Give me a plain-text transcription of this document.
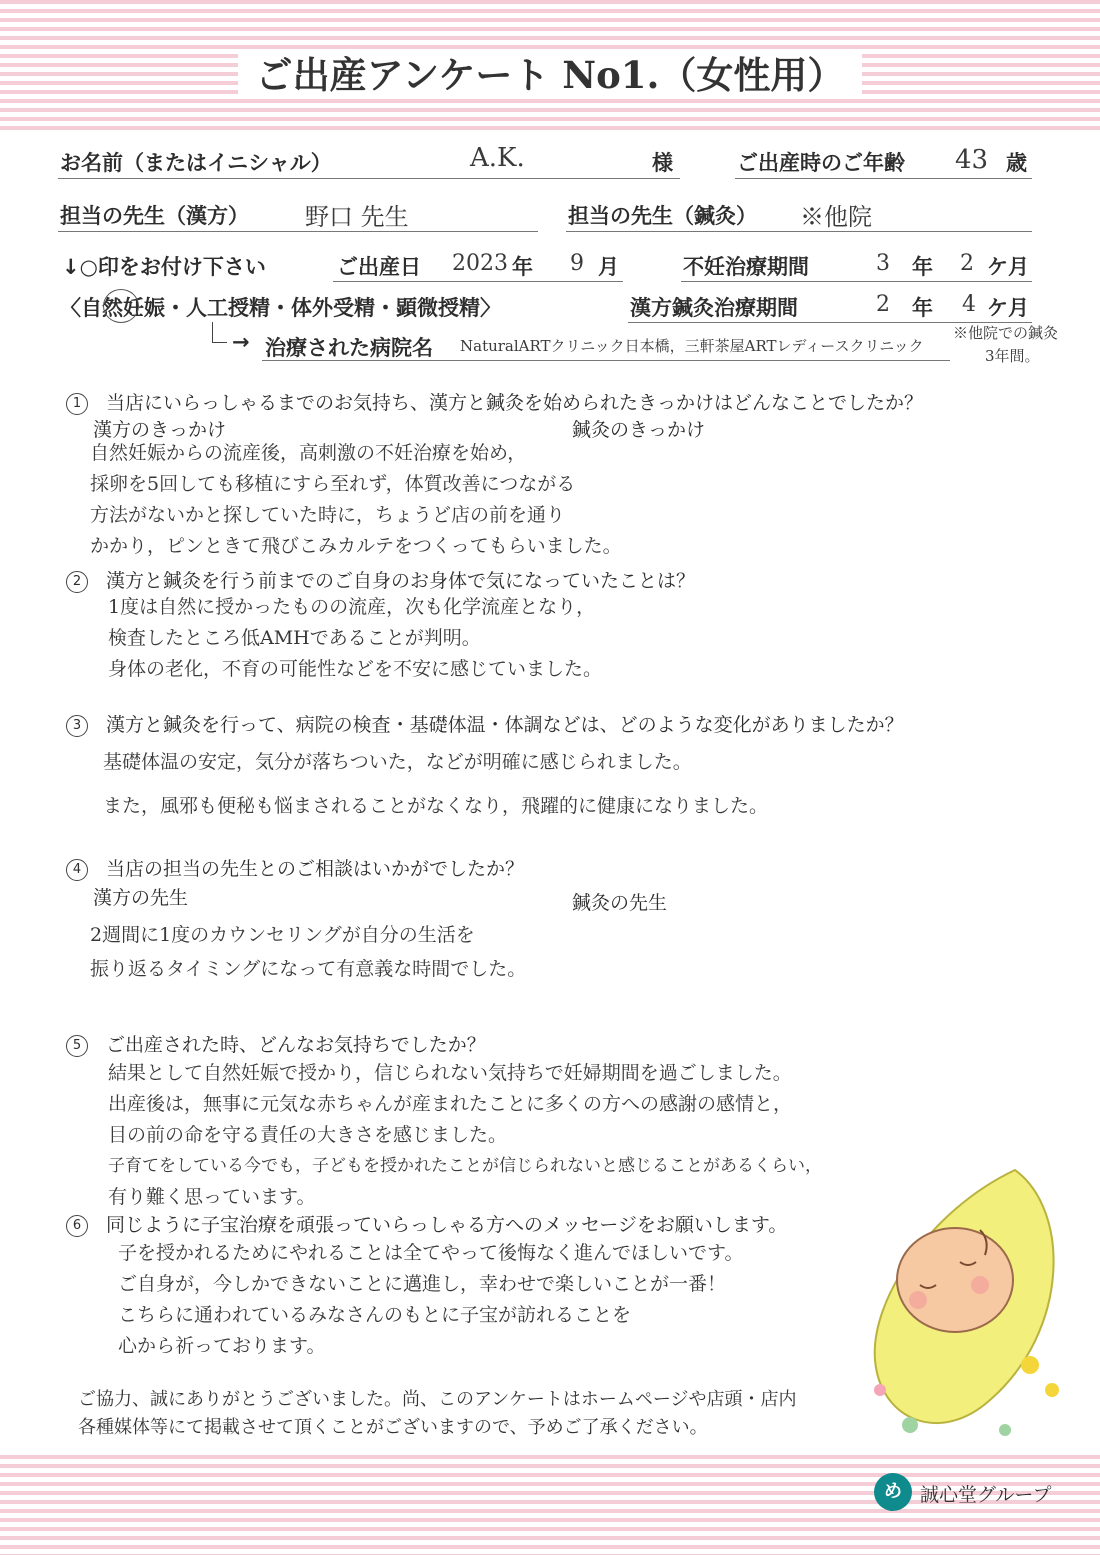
ご出産アンケート No1.（女性用）
お名前（またはイニシャル）	A.K.	様	ご出産時のご年齢 43 歳
担当の先生（漢方） 野口 先生	担当の先生（鍼灸） ※他院
↓○印をお付け下さい	ご出産日 2023 年 9 月	不妊治療期間	3 年 2 ケ月
〈自然妊娠・人工授精・体外受精・顕微授精〉	漢方鍼灸治療期間	2 年 4 ケ月
→ 治療された病院名 NaturalARTクリニック日本橋，三軒茶屋ARTレディースクリニック
※他院での鍼灸
3年間。
1 当店にいらっしゃるまでのお気持ち、漢方と鍼灸を始められたきっかけはどんなことでしたか？
漢方のきっかけ	鍼灸のきっかけ
自然妊娠からの流産後，高刺激の不妊治療を始め，
採卵を5回しても移植にすら至れず，体質改善につながる
方法がないかと探していた時に，ちょうど店の前を通り
かかり，ピンときて飛びこみカルテをつくってもらいました。
2 漢方と鍼灸を行う前までのご自身のお身体で気になっていたことは？
1度は自然に授かったものの流産，次も化学流産となり，
検査したところ低AMHであることが判明。
身体の老化，不育の可能性などを不安に感じていました。
3 漢方と鍼灸を行って、病院の検査・基礎体温・体調などは、どのような変化がありましたか？
基礎体温の安定，気分が落ちついた，などが明確に感じられました。
また，風邪も便秘も悩まされることがなくなり，飛躍的に健康になりました。
4 当店の担当の先生とのご相談はいかがでしたか？
漢方の先生	鍼灸の先生
2週間に1度のカウンセリングが自分の生活を
振り返るタイミングになって有意義な時間でした。
5 ご出産された時、どんなお気持ちでしたか？
結果として自然妊娠で授かり，信じられない気持ちで妊婦期間を過ごしました。
出産後は，無事に元気な赤ちゃんが産まれたことに多くの方への感謝の感情と，
目の前の命を守る責任の大きさを感じました。
子育てをしている今でも，子どもを授かれたことが信じられないと感じることがあるくらい，
有り難く思っています。
6 同じように子宝治療を頑張っていらっしゃる方へのメッセージをお願いします。
子を授かれるためにやれることは全てやって後悔なく進んでほしいです。
ご自身が，今しかできないことに邁進し，幸わせで楽しいことが一番！
こちらに通われているみなさんのもとに子宝が訪れることを
心から祈っております。
ご協力、誠にありがとうございました。尚、このアンケートはホームページや店頭・店内
各種媒体等にて掲載させて頂くことがございますので、予めご了承ください。
め 誠心堂グループ
